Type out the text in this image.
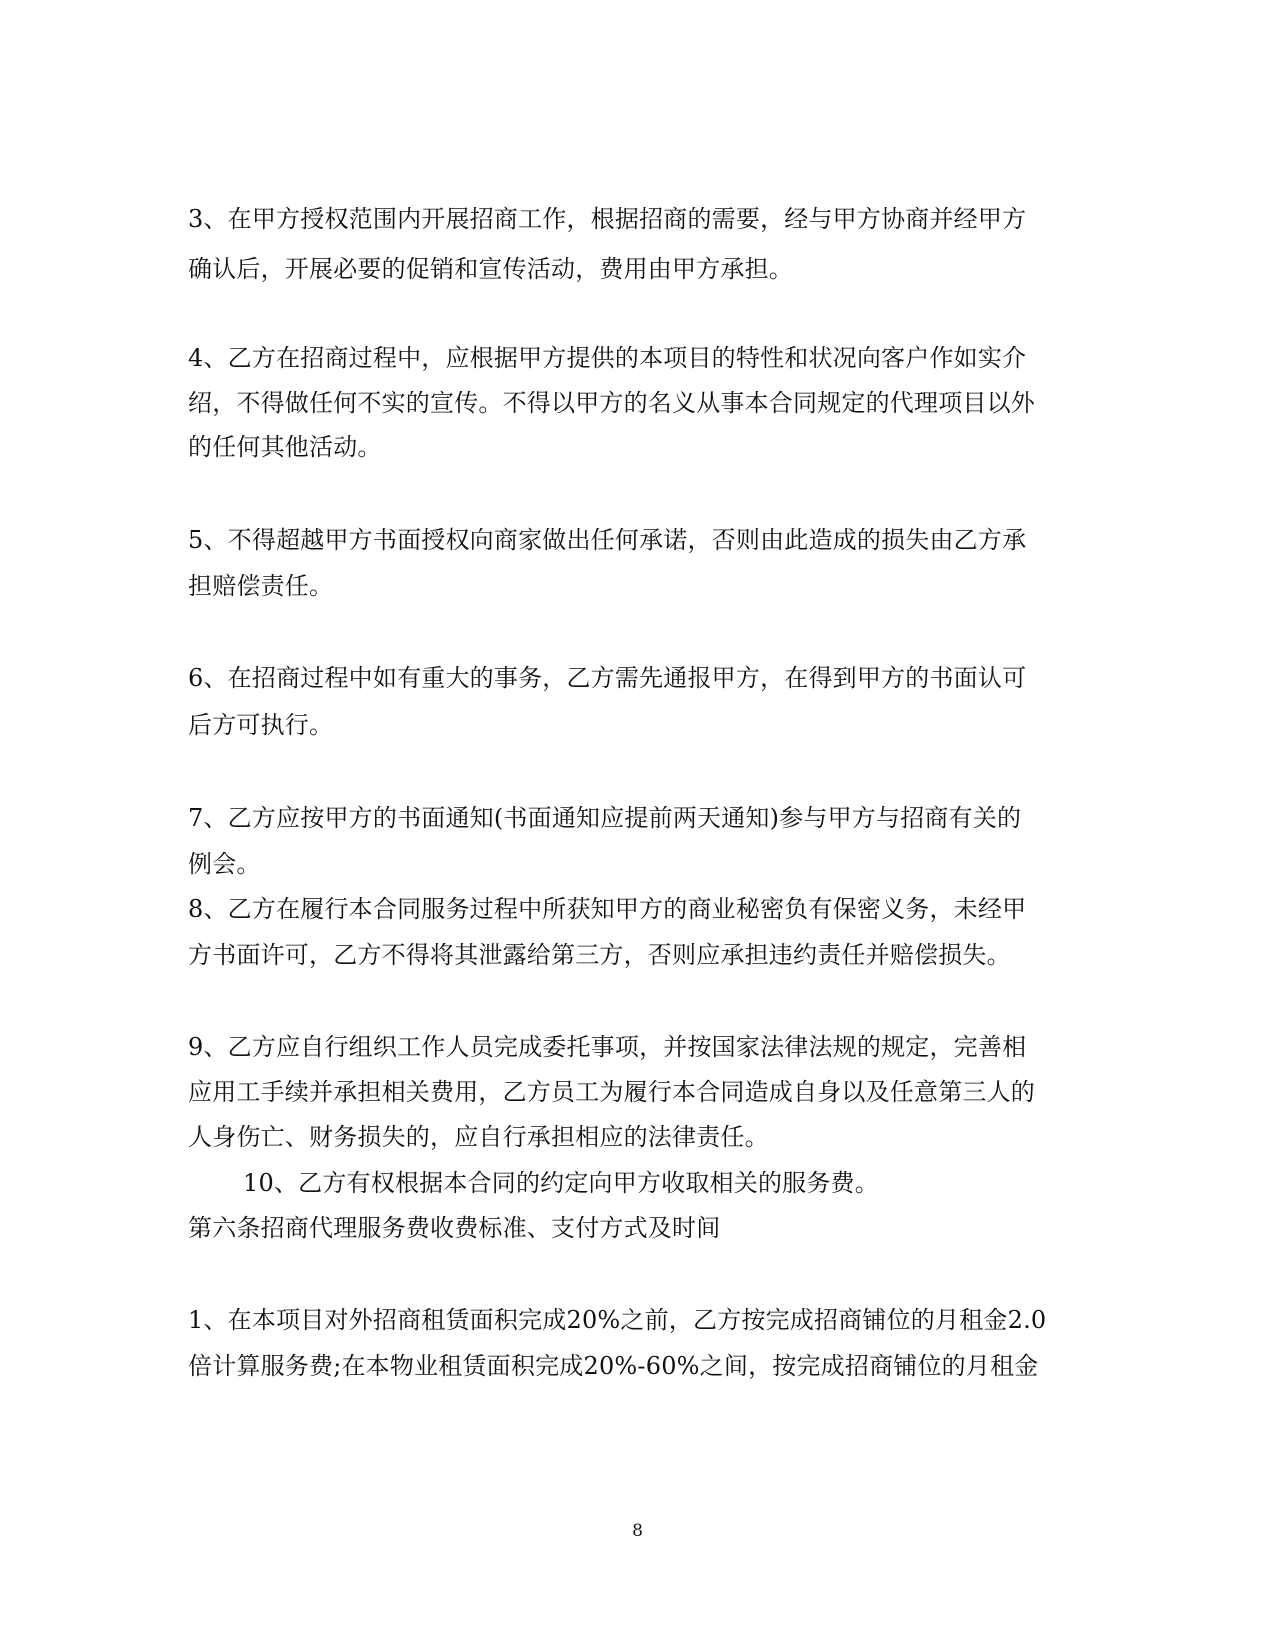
3、在甲方授权范围内开展招商工作，根据招商的需要，经与甲方协商并经甲方
确认后，开展必要的促销和宣传活动，费用由甲方承担。
4、乙方在招商过程中，应根据甲方提供的本项目的特性和状况向客户作如实介
绍，不得做任何不实的宣传。不得以甲方的名义从事本合同规定的代理项目以外
的任何其他活动。
5、不得超越甲方书面授权向商家做出任何承诺，否则由此造成的损失由乙方承
担赔偿责任。
6、在招商过程中如有重大的事务，乙方需先通报甲方，在得到甲方的书面认可
后方可执行。
7、乙方应按甲方的书面通知(书面通知应提前两天通知)参与甲方与招商有关的
例会。
8、乙方在履行本合同服务过程中所获知甲方的商业秘密负有保密义务，未经甲
方书面许可，乙方不得将其泄露给第三方，否则应承担违约责任并赔偿损失。
9、乙方应自行组织工作人员完成委托事项，并按国家法律法规的规定，完善相
应用工手续并承担相关费用，乙方员工为履行本合同造成自身以及任意第三人的
人身伤亡、财务损失的，应自行承担相应的法律责任。
10、乙方有权根据本合同的约定向甲方收取相关的服务费。
第六条招商代理服务费收费标准、支付方式及时间
1、在本项目对外招商租赁面积完成20%之前，乙方按完成招商铺位的月租金2.0
倍计算服务费;在本物业租赁面积完成20%-60%之间，按完成招商铺位的月租金
8
